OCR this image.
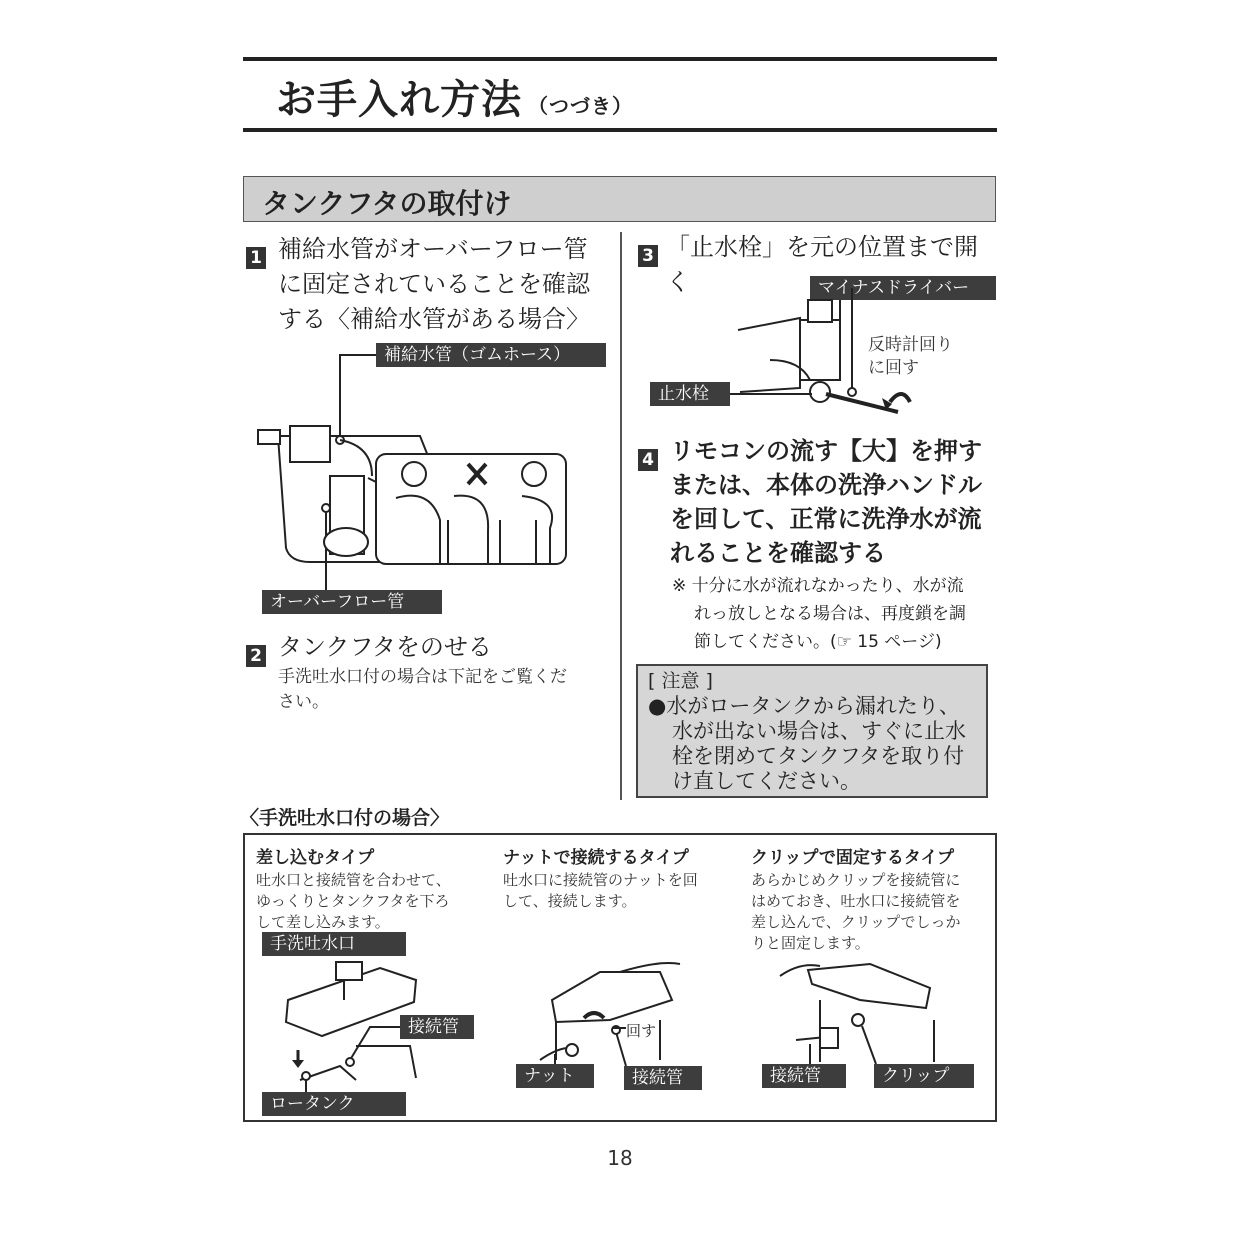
お手入れ方法 （つづき）
タンクフタの取付け
1 補給水管がオーバーフロー管
に固定されていることを確認
する〈補給水管がある場合〉
補給水管（ゴムホース）
オーバーフロー管
2 タンクフタをのせる
手洗吐水口付の場合は下記をご覧くだ
さい。
3 「止水栓」を元の位置まで開く	マイナスドライバー
止水栓
反時計回り
に回す
4 リモコンの流す【大】を押す
または、本体の洗浄ハンドル
を回して、正常に洗浄水が流
れることを確認する
※ 十分に水が流れなかったり、水が流
れっ放しとなる場合は、再度鎖を調
節してください。(☞ 15 ページ)
[ 注意 ]
●水がロータンクから漏れたり、
水が出ない場合は、すぐに止水
栓を閉めてタンクフタを取り付
け直してください。
〈手洗吐水口付の場合〉
差し込むタイプ
吐水口と接続管を合わせて、
ゆっくりとタンクフタを下ろ
して差し込みます。
手洗吐水口
接続管
ロータンク
ナットで接続するタイプ
吐水口に接続管のナットを回
して、接続します。
回す
ナット	接続管
クリップで固定するタイプ
あらかじめクリップを接続管に
はめておき、吐水口に接続管を
差し込んで、クリップでしっか
りと固定します。
接続管	クリップ
18
